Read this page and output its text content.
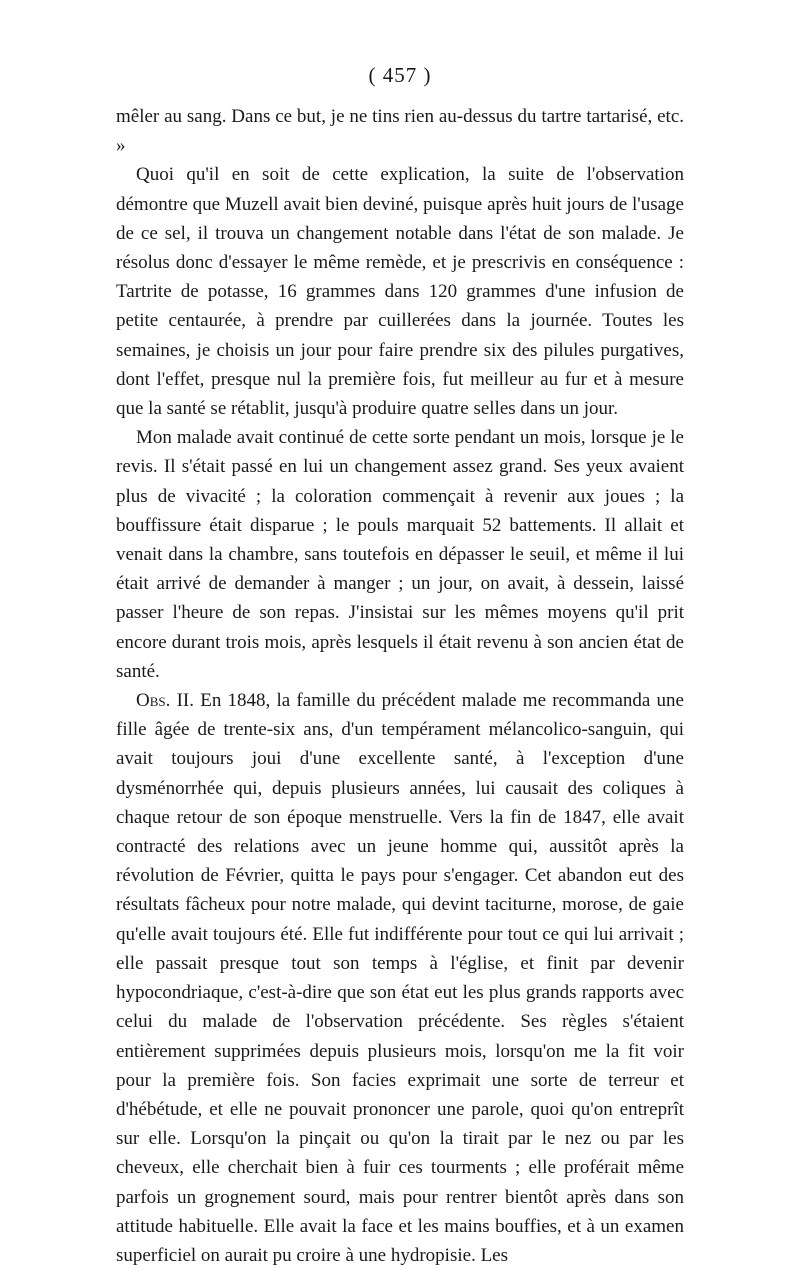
( 457 )

mêler au sang. Dans ce but, je ne tins rien au-dessus du tartre tartarisé, etc. »

Quoi qu'il en soit de cette explication, la suite de l'observation démontre que Muzell avait bien deviné, puisque après huit jours de l'usage de ce sel, il trouva un changement notable dans l'état de son malade. Je résolus donc d'essayer le même remède, et je prescrivis en conséquence : Tartrite de potasse, 16 grammes dans 120 grammes d'une infusion de petite centaurée, à prendre par cuillerées dans la journée. Toutes les semaines, je choisis un jour pour faire prendre six des pilules purgatives, dont l'effet, presque nul la première fois, fut meilleur au fur et à mesure que la santé se rétablit, jusqu'à produire quatre selles dans un jour.

Mon malade avait continué de cette sorte pendant un mois, lorsque je le revis. Il s'était passé en lui un changement assez grand. Ses yeux avaient plus de vivacité ; la coloration commençait à revenir aux joues ; la bouffissure était disparue ; le pouls marquait 52 battements. Il allait et venait dans la chambre, sans toutefois en dépasser le seuil, et même il lui était arrivé de demander à manger ; un jour, on avait, à dessein, laissé passer l'heure de son repas. J'insistai sur les mêmes moyens qu'il prit encore durant trois mois, après lesquels il était revenu à son ancien état de santé.

Obs. II. En 1848, la famille du précédent malade me recommanda une fille âgée de trente-six ans, d'un tempérament mélancolico-sanguin, qui avait toujours joui d'une excellente santé, à l'exception d'une dysménorrhée qui, depuis plusieurs années, lui causait des coliques à chaque retour de son époque menstruelle. Vers la fin de 1847, elle avait contracté des relations avec un jeune homme qui, aussitôt après la révolution de Février, quitta le pays pour s'engager. Cet abandon eut des résultats fâcheux pour notre malade, qui devint taciturne, morose, de gaie qu'elle avait toujours été. Elle fut indifférente pour tout ce qui lui arrivait ; elle passait presque tout son temps à l'église, et finit par devenir hypocondriaque, c'est-à-dire que son état eut les plus grands rapports avec celui du malade de l'observation précédente. Ses règles s'étaient entièrement supprimées depuis plusieurs mois, lorsqu'on me la fit voir pour la première fois. Son facies exprimait une sorte de terreur et d'hébétude, et elle ne pouvait prononcer une parole, quoi qu'on entreprît sur elle. Lorsqu'on la pinçait ou qu'on la tirait par le nez ou par les cheveux, elle cherchait bien à fuir ces tourments ; elle proférait même parfois un grognement sourd, mais pour rentrer bientôt après dans son attitude habituelle. Elle avait la face et les mains bouffies, et à un examen superficiel on aurait pu croire à une hydropisie. Les
